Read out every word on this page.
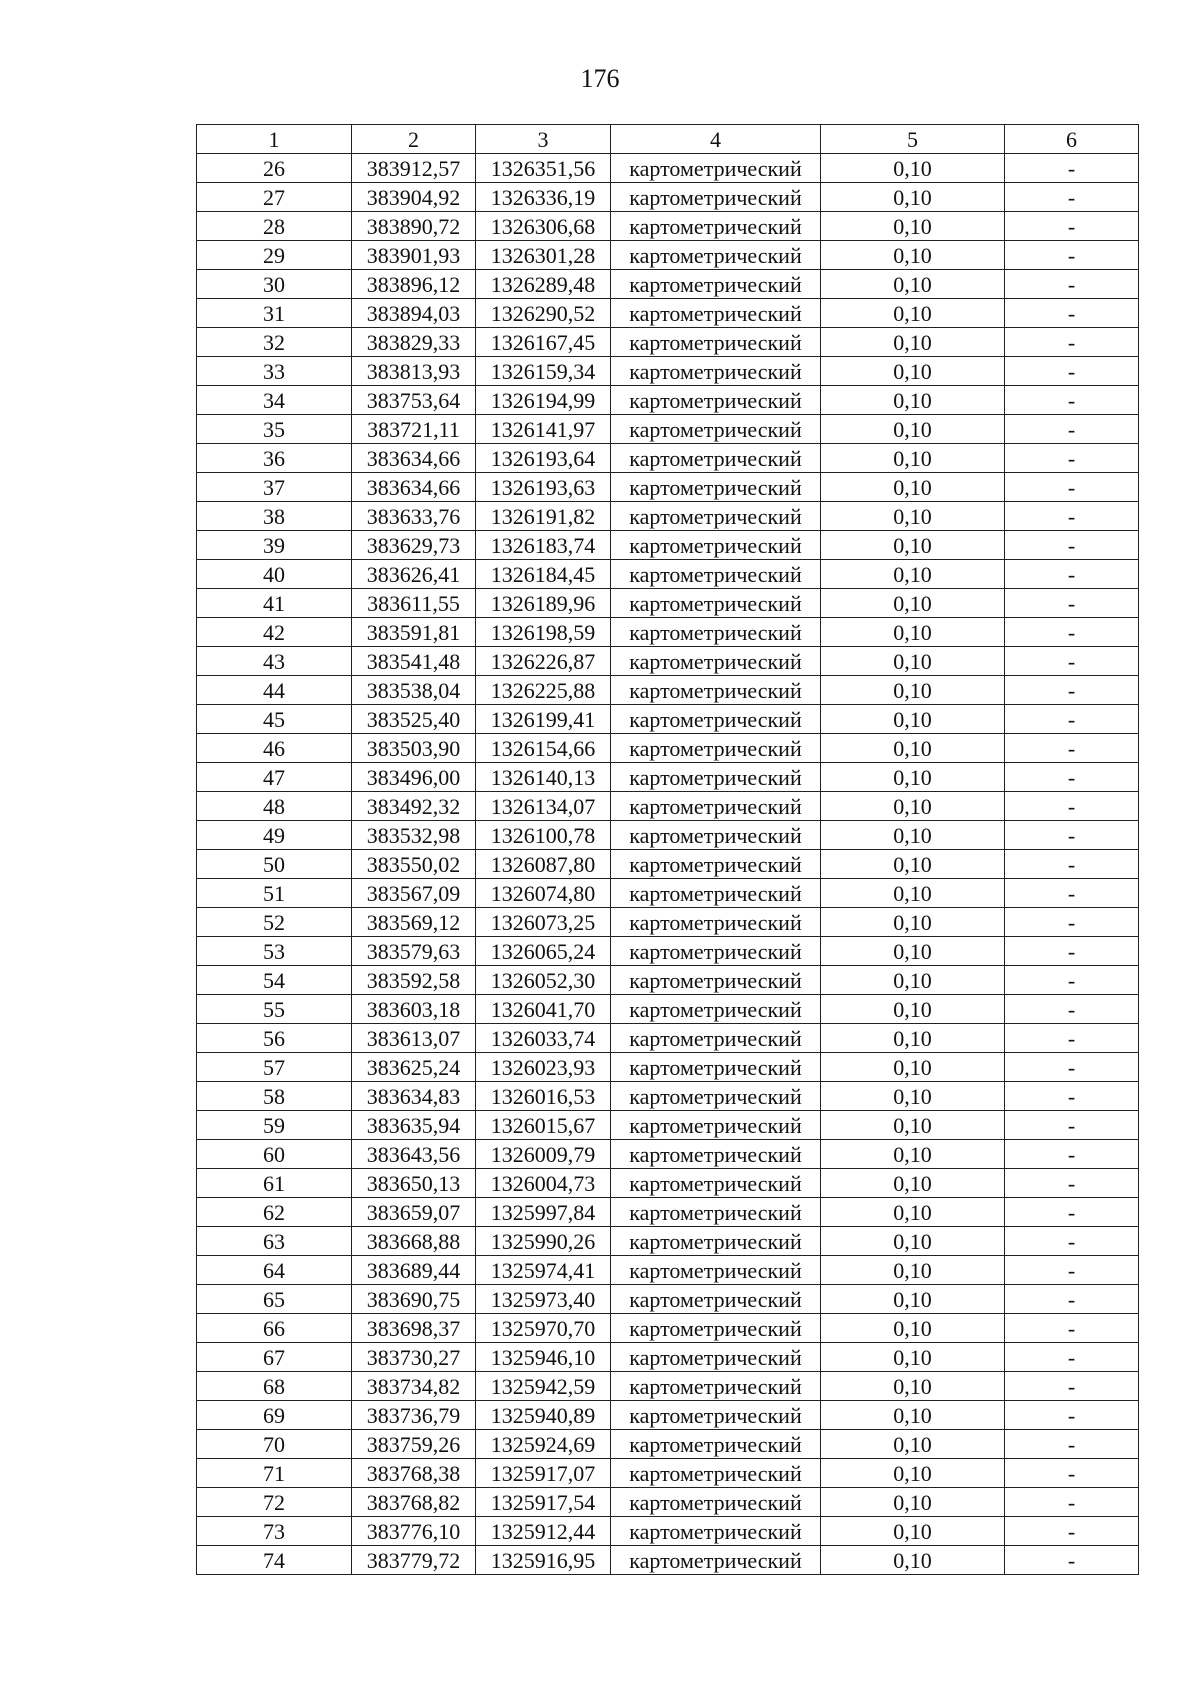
176
1	2	3	4	5	6
26	383912,57	1326351,56	картометрический	0,10	-
27	383904,92	1326336,19	картометрический	0,10	-
28	383890,72	1326306,68	картометрический	0,10	-
29	383901,93	1326301,28	картометрический	0,10	-
30	383896,12	1326289,48	картометрический	0,10	-
31	383894,03	1326290,52	картометрический	0,10	-
32	383829,33	1326167,45	картометрический	0,10	-
33	383813,93	1326159,34	картометрический	0,10	-
34	383753,64	1326194,99	картометрический	0,10	-
35	383721,11	1326141,97	картометрический	0,10	-
36	383634,66	1326193,64	картометрический	0,10	-
37	383634,66	1326193,63	картометрический	0,10	-
38	383633,76	1326191,82	картометрический	0,10	-
39	383629,73	1326183,74	картометрический	0,10	-
40	383626,41	1326184,45	картометрический	0,10	-
41	383611,55	1326189,96	картометрический	0,10	-
42	383591,81	1326198,59	картометрический	0,10	-
43	383541,48	1326226,87	картометрический	0,10	-
44	383538,04	1326225,88	картометрический	0,10	-
45	383525,40	1326199,41	картометрический	0,10	-
46	383503,90	1326154,66	картометрический	0,10	-
47	383496,00	1326140,13	картометрический	0,10	-
48	383492,32	1326134,07	картометрический	0,10	-
49	383532,98	1326100,78	картометрический	0,10	-
50	383550,02	1326087,80	картометрический	0,10	-
51	383567,09	1326074,80	картометрический	0,10	-
52	383569,12	1326073,25	картометрический	0,10	-
53	383579,63	1326065,24	картометрический	0,10	-
54	383592,58	1326052,30	картометрический	0,10	-
55	383603,18	1326041,70	картометрический	0,10	-
56	383613,07	1326033,74	картометрический	0,10	-
57	383625,24	1326023,93	картометрический	0,10	-
58	383634,83	1326016,53	картометрический	0,10	-
59	383635,94	1326015,67	картометрический	0,10	-
60	383643,56	1326009,79	картометрический	0,10	-
61	383650,13	1326004,73	картометрический	0,10	-
62	383659,07	1325997,84	картометрический	0,10	-
63	383668,88	1325990,26	картометрический	0,10	-
64	383689,44	1325974,41	картометрический	0,10	-
65	383690,75	1325973,40	картометрический	0,10	-
66	383698,37	1325970,70	картометрический	0,10	-
67	383730,27	1325946,10	картометрический	0,10	-
68	383734,82	1325942,59	картометрический	0,10	-
69	383736,79	1325940,89	картометрический	0,10	-
70	383759,26	1325924,69	картометрический	0,10	-
71	383768,38	1325917,07	картометрический	0,10	-
72	383768,82	1325917,54	картометрический	0,10	-
73	383776,10	1325912,44	картометрический	0,10	-
74	383779,72	1325916,95	картометрический	0,10	-
